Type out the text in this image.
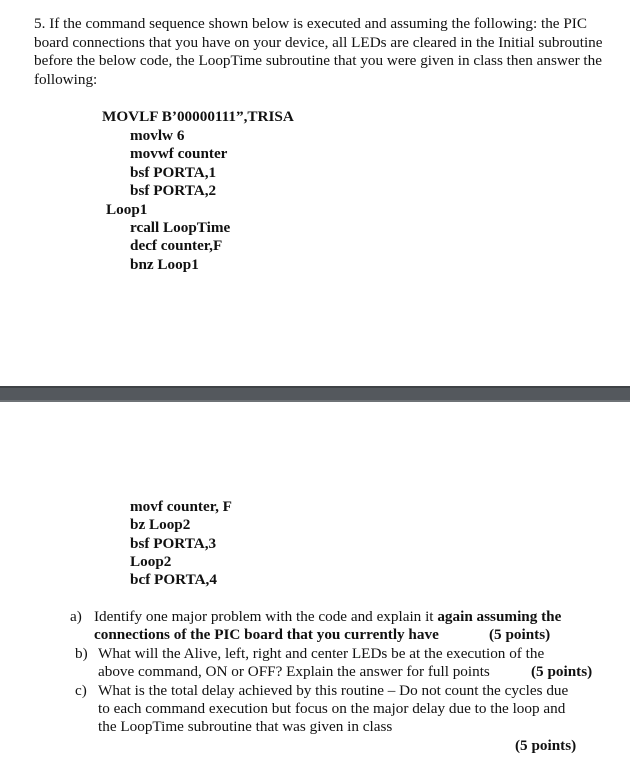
5. If the command sequence shown below is executed and assuming the following: the PIC board connections that you have on your device, all LEDs are cleared in the Initial subroutine before the below code, the LoopTime subroutine that you were given in class then answer the following:
MOVLF B’00000111”,TRISA
movlw 6
movwf counter
bsf PORTA,1
bsf PORTA,2
Loop1
rcall LoopTime
decf counter,F
bnz Loop1
movf counter, F
bz Loop2
bsf PORTA,3
Loop2
bcf PORTA,4
a) Identify one major problem with the code and explain it again assuming the
connections of the PIC board that you currently have	(5 points)
b) What will the Alive, left, right and center LEDs be at the execution of the
above command, ON or OFF? Explain the answer for full points	(5 points)
c) What is the total delay achieved by this routine – Do not count the cycles due
to each command execution but focus on the major delay due to the loop and
the LoopTime subroutine that was given in class
(5 points)
